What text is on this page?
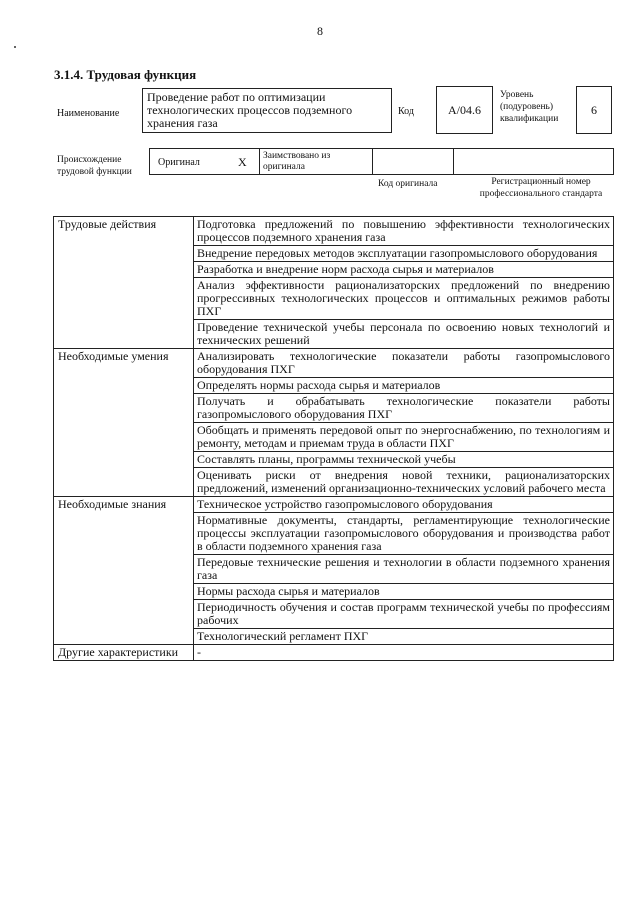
8
3.1.4. Трудовая функция
Наименование
Проведение работ по оптимизации технологических процессов подземного хранения газа
Код	A/04.6
Уровень
(подуровень)
квалификации
6
Происхождение
трудовой функции
Оригинал	X Заимствовано из
оригинала
Код оригинала	Регистрационный номер
профессионального стандарта
Трудовые действия	Подготовка предложений по повышению эффективности технологических процессов подземного хранения газа
	Внедрение передовых методов эксплуатации газопромыслового оборудования
	Разработка и внедрение норм расхода сырья и материалов
	Анализ эффективности рационализаторских предложений по внедрению прогрессивных технологических процессов и оптимальных режимов работы ПХГ
	Проведение технической учебы персонала по освоению новых технологий и технических решений
Необходимые умения	Анализировать технологические показатели работы газопромыслового оборудования ПХГ
	Определять нормы расхода сырья и материалов
	Получать и обрабатывать технологические показатели работы газопромыслового оборудования ПХГ
	Обобщать и применять передовой опыт по энергоснабжению, по технологиям и ремонту, методам и приемам труда в области ПХГ
	Составлять планы, программы технической учебы
	Оценивать риски от внедрения новой техники, рационализаторских предложений, изменений организационно-технических условий рабочего места
Необходимые знания	Техническое устройство газопромыслового оборудования
	Нормативные документы, стандарты, регламентирующие технологические процессы эксплуатации газопромыслового оборудования и производства работ в области подземного хранения газа
	Передовые технические решения и технологии в области подземного хранения газа
	Нормы расхода сырья и материалов
	Периодичность обучения и состав программ технической учебы по профессиям рабочих
	Технологический регламент ПХГ
Другие характеристики	-
